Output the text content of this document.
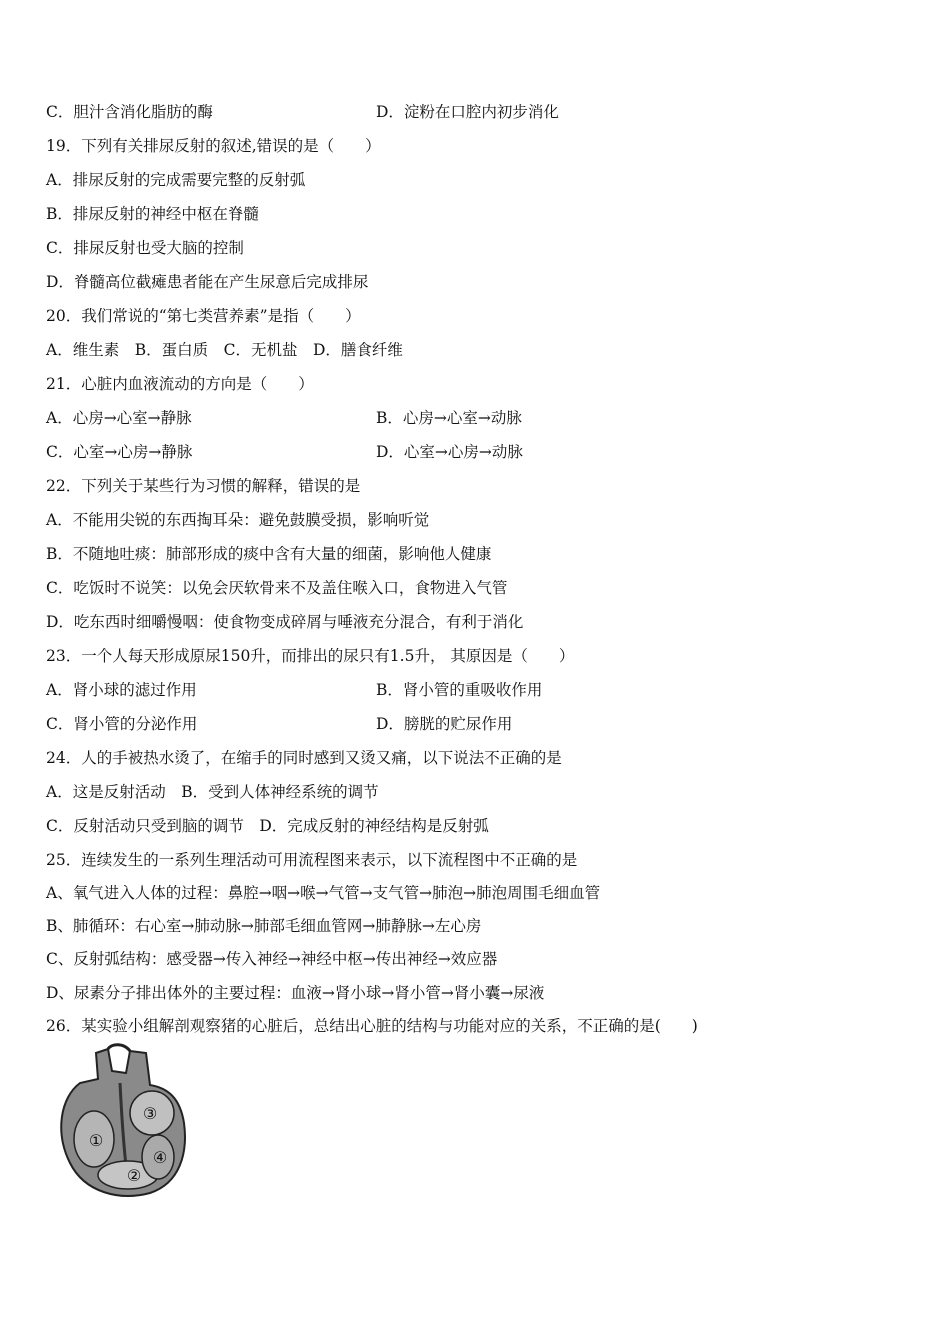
C．胆汁含消化脂肪的酶	D．淀粉在口腔内初步消化
19．下列有关排尿反射的叙述,错误的是（　　）
A．排尿反射的完成需要完整的反射弧
B．排尿反射的神经中枢在脊髓
C．排尿反射也受大脑的控制
D．脊髓高位截瘫患者能在产生尿意后完成排尿
20．我们常说的“第七类营养素”是指（　　）
A．维生素　B．蛋白质　C．无机盐　D．膳食纤维
21．心脏内血液流动的方向是（　　）
A．心房→心室→静脉	B．心房→心室→动脉
C．心室→心房→静脉	D．心室→心房→动脉
22．下列关于某些行为习惯的解释，错误的是
A．不能用尖锐的东西掏耳朵：避免鼓膜受损，影响听觉
B．不随地吐痰：肺部形成的痰中含有大量的细菌，影响他人健康
C．吃饭时不说笑：以免会厌软骨来不及盖住喉入口，食物进入气管
D．吃东西时细嚼慢咽：使食物变成碎屑与唾液充分混合，有利于消化
23．一个人每天形成原尿150升，而排出的尿只有1.5升， 其原因是（　　）
A．肾小球的滤过作用	B．肾小管的重吸收作用
C．肾小管的分泌作用	D．膀胱的贮尿作用
24．人的手被热水烫了，在缩手的同时感到又烫又痛，以下说法不正确的是
A．这是反射活动　B．受到人体神经系统的调节
C．反射活动只受到脑的调节　D．完成反射的神经结构是反射弧
25．连续发生的一系列生理活动可用流程图来表示，以下流程图中不正确的是
A、氧气进入人体的过程：鼻腔→咽→喉→气管→支气管→肺泡→肺泡周围毛细血管
B、肺循环：右心室→肺动脉→肺部毛细血管网→肺静脉→左心房
C、反射弧结构：感受器→传入神经→神经中枢→传出神经→效应器
D、尿素分子排出体外的主要过程：血液→肾小球→肾小管→肾小囊→尿液
26．某实验小组解剖观察猪的心脏后，总结出心脏的结构与功能对应的关系，不正确的是(　　)
①
②
③
④
